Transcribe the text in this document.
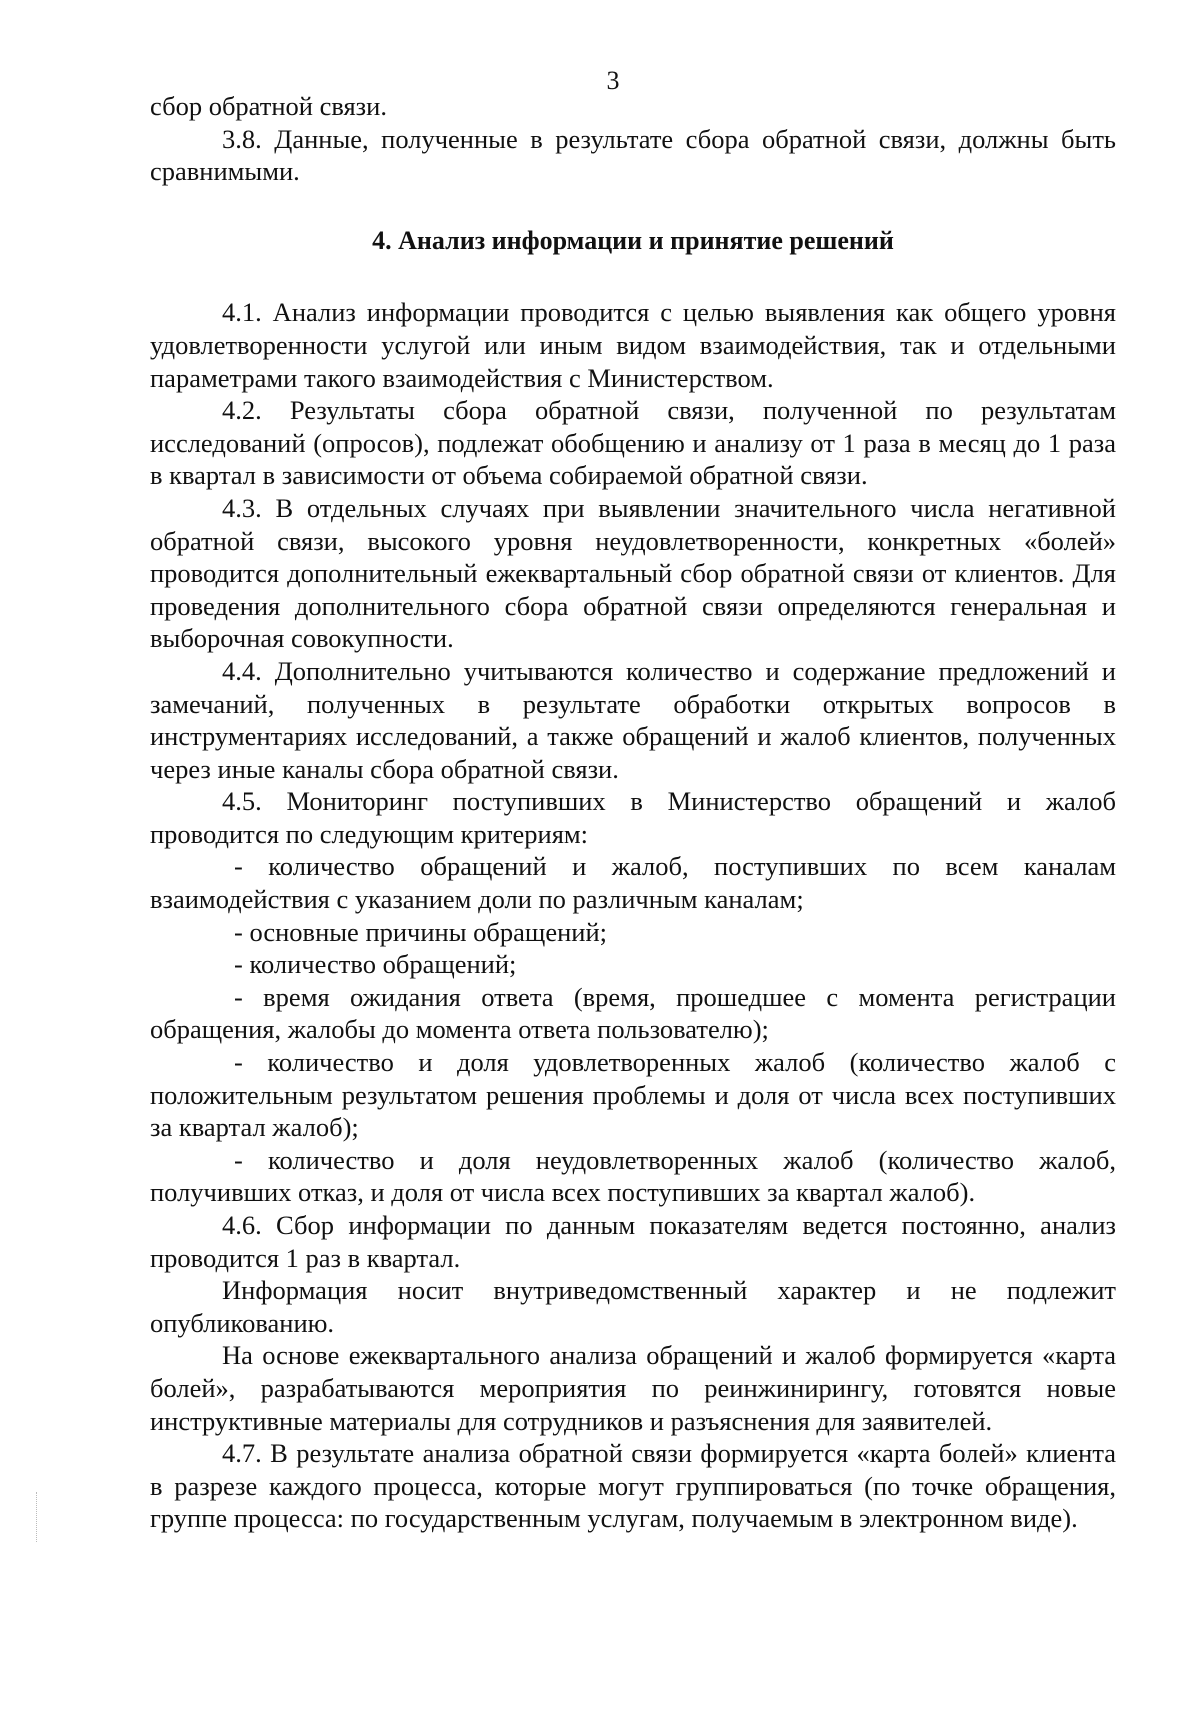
3

сбор обратной связи.

3.8. Данные, полученные в результате сбора обратной связи, должны быть сравнимыми.

4. Анализ информации и принятие решений

4.1. Анализ информации проводится с целью выявления как общего уровня удовлетворенности услугой или иным видом взаимодействия, так и отдельными параметрами такого взаимодействия с Министерством.

4.2. Результаты сбора обратной связи, полученной по результатам исследований (опросов), подлежат обобщению и анализу от 1 раза в месяц до 1 раза в квартал в зависимости от объема собираемой обратной связи.

4.3. В отдельных случаях при выявлении значительного числа негативной обратной связи, высокого уровня неудовлетворенности, конкретных «болей» проводится дополнительный ежеквартальный сбор обратной связи от клиентов. Для проведения дополнительного сбора обратной связи определяются генеральная и выборочная совокупности.

4.4. Дополнительно учитываются количество и содержание предложений и замечаний, полученных в результате обработки открытых вопросов в инструментариях исследований, а также обращений и жалоб клиентов, полученных через иные каналы сбора обратной связи.

4.5. Мониторинг поступивших в Министерство обращений и жалоб проводится по следующим критериям:

- количество обращений и жалоб, поступивших по всем каналам взаимодействия с указанием доли по различным каналам;

- основные причины обращений;

- количество обращений;

- время ожидания ответа (время, прошедшее с момента регистрации обращения, жалобы до момента ответа пользователю);

- количество и доля удовлетворенных жалоб (количество жалоб с положительным результатом решения проблемы и доля от числа всех поступивших за квартал жалоб);

- количество и доля неудовлетворенных жалоб (количество жалоб, получивших отказ, и доля от числа всех поступивших за квартал жалоб).

4.6. Сбор информации по данным показателям ведется постоянно, анализ проводится 1 раз в квартал.

Информация носит внутриведомственный характер и не подлежит опубликованию.

На основе ежеквартального анализа обращений и жалоб формируется «карта болей», разрабатываются мероприятия по реинжинирингу, готовятся новые инструктивные материалы для сотрудников и разъяснения для заявителей.

4.7. В результате анализа обратной связи формируется «карта болей» клиента в разрезе каждого процесса, которые могут группироваться (по точке обращения, группе процесса: по государственным услугам, получаемым в электронном виде).
